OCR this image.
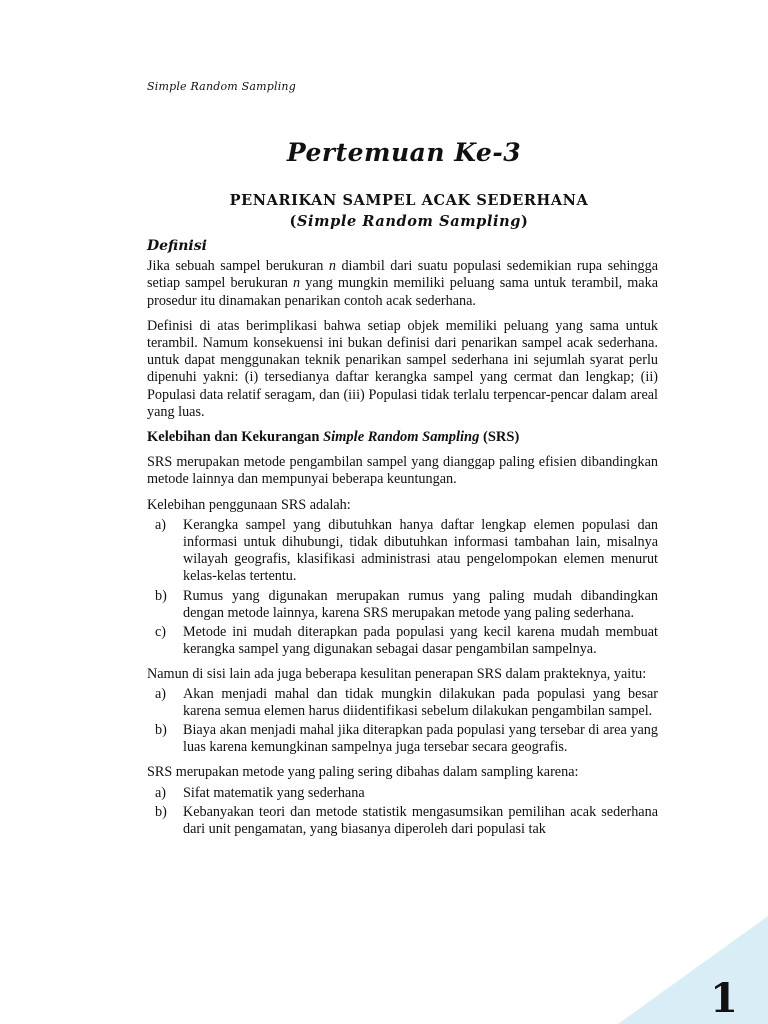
Simple Random Sampling
Pertemuan Ke-3
PENARIKAN SAMPEL ACAK SEDERHANA
(Simple Random Sampling)
Definisi

Jika sebuah sampel berukuran n diambil dari suatu populasi sedemikian rupa sehingga setiap sampel berukuran n yang mungkin memiliki peluang sama untuk terambil, maka prosedur itu dinamakan penarikan contoh acak sederhana.

Definisi di atas berimplikasi bahwa setiap objek memiliki peluang yang sama untuk terambil. Namum konsekuensi ini bukan definisi dari penarikan sampel acak sederhana. untuk dapat menggunakan teknik penarikan sampel sederhana ini sejumlah syarat perlu dipenuhi yakni: (i) tersedianya daftar kerangka sampel yang cermat dan lengkap; (ii) Populasi data relatif seragam, dan (iii) Populasi tidak terlalu terpencar-pencar dalam areal yang luas.

Kelebihan dan Kekurangan Simple Random Sampling (SRS)

SRS merupakan metode pengambilan sampel yang dianggap paling efisien dibandingkan metode lainnya dan mempunyai beberapa keuntungan.

Kelebihan penggunaan SRS adalah:

a) Kerangka sampel yang dibutuhkan hanya daftar lengkap elemen populasi dan informasi untuk dihubungi, tidak dibutuhkan informasi tambahan lain, misalnya wilayah geografis, klasifikasi administrasi atau pengelompokan elemen menurut kelas-kelas tertentu.
b) Rumus yang digunakan merupakan rumus yang paling mudah dibandingkan dengan metode lainnya, karena SRS merupakan metode yang paling sederhana.
c) Metode ini mudah diterapkan pada populasi yang kecil karena mudah membuat kerangka sampel yang digunakan sebagai dasar pengambilan sampelnya.

Namun di sisi lain ada juga beberapa kesulitan penerapan SRS dalam prakteknya, yaitu:

a) Akan menjadi mahal dan tidak mungkin dilakukan pada populasi yang besar karena semua elemen harus diidentifikasi sebelum dilakukan pengambilan sampel.
b) Biaya akan menjadi mahal jika diterapkan pada populasi yang tersebar di area yang luas karena kemungkinan sampelnya juga tersebar secara geografis.

SRS merupakan metode yang paling sering dibahas dalam sampling karena:

a) Sifat matematik yang sederhana
b) Kebanyakan teori dan metode statistik mengasumsikan pemilihan acak sederhana dari unit pengamatan, yang biasanya diperoleh dari populasi tak
1
